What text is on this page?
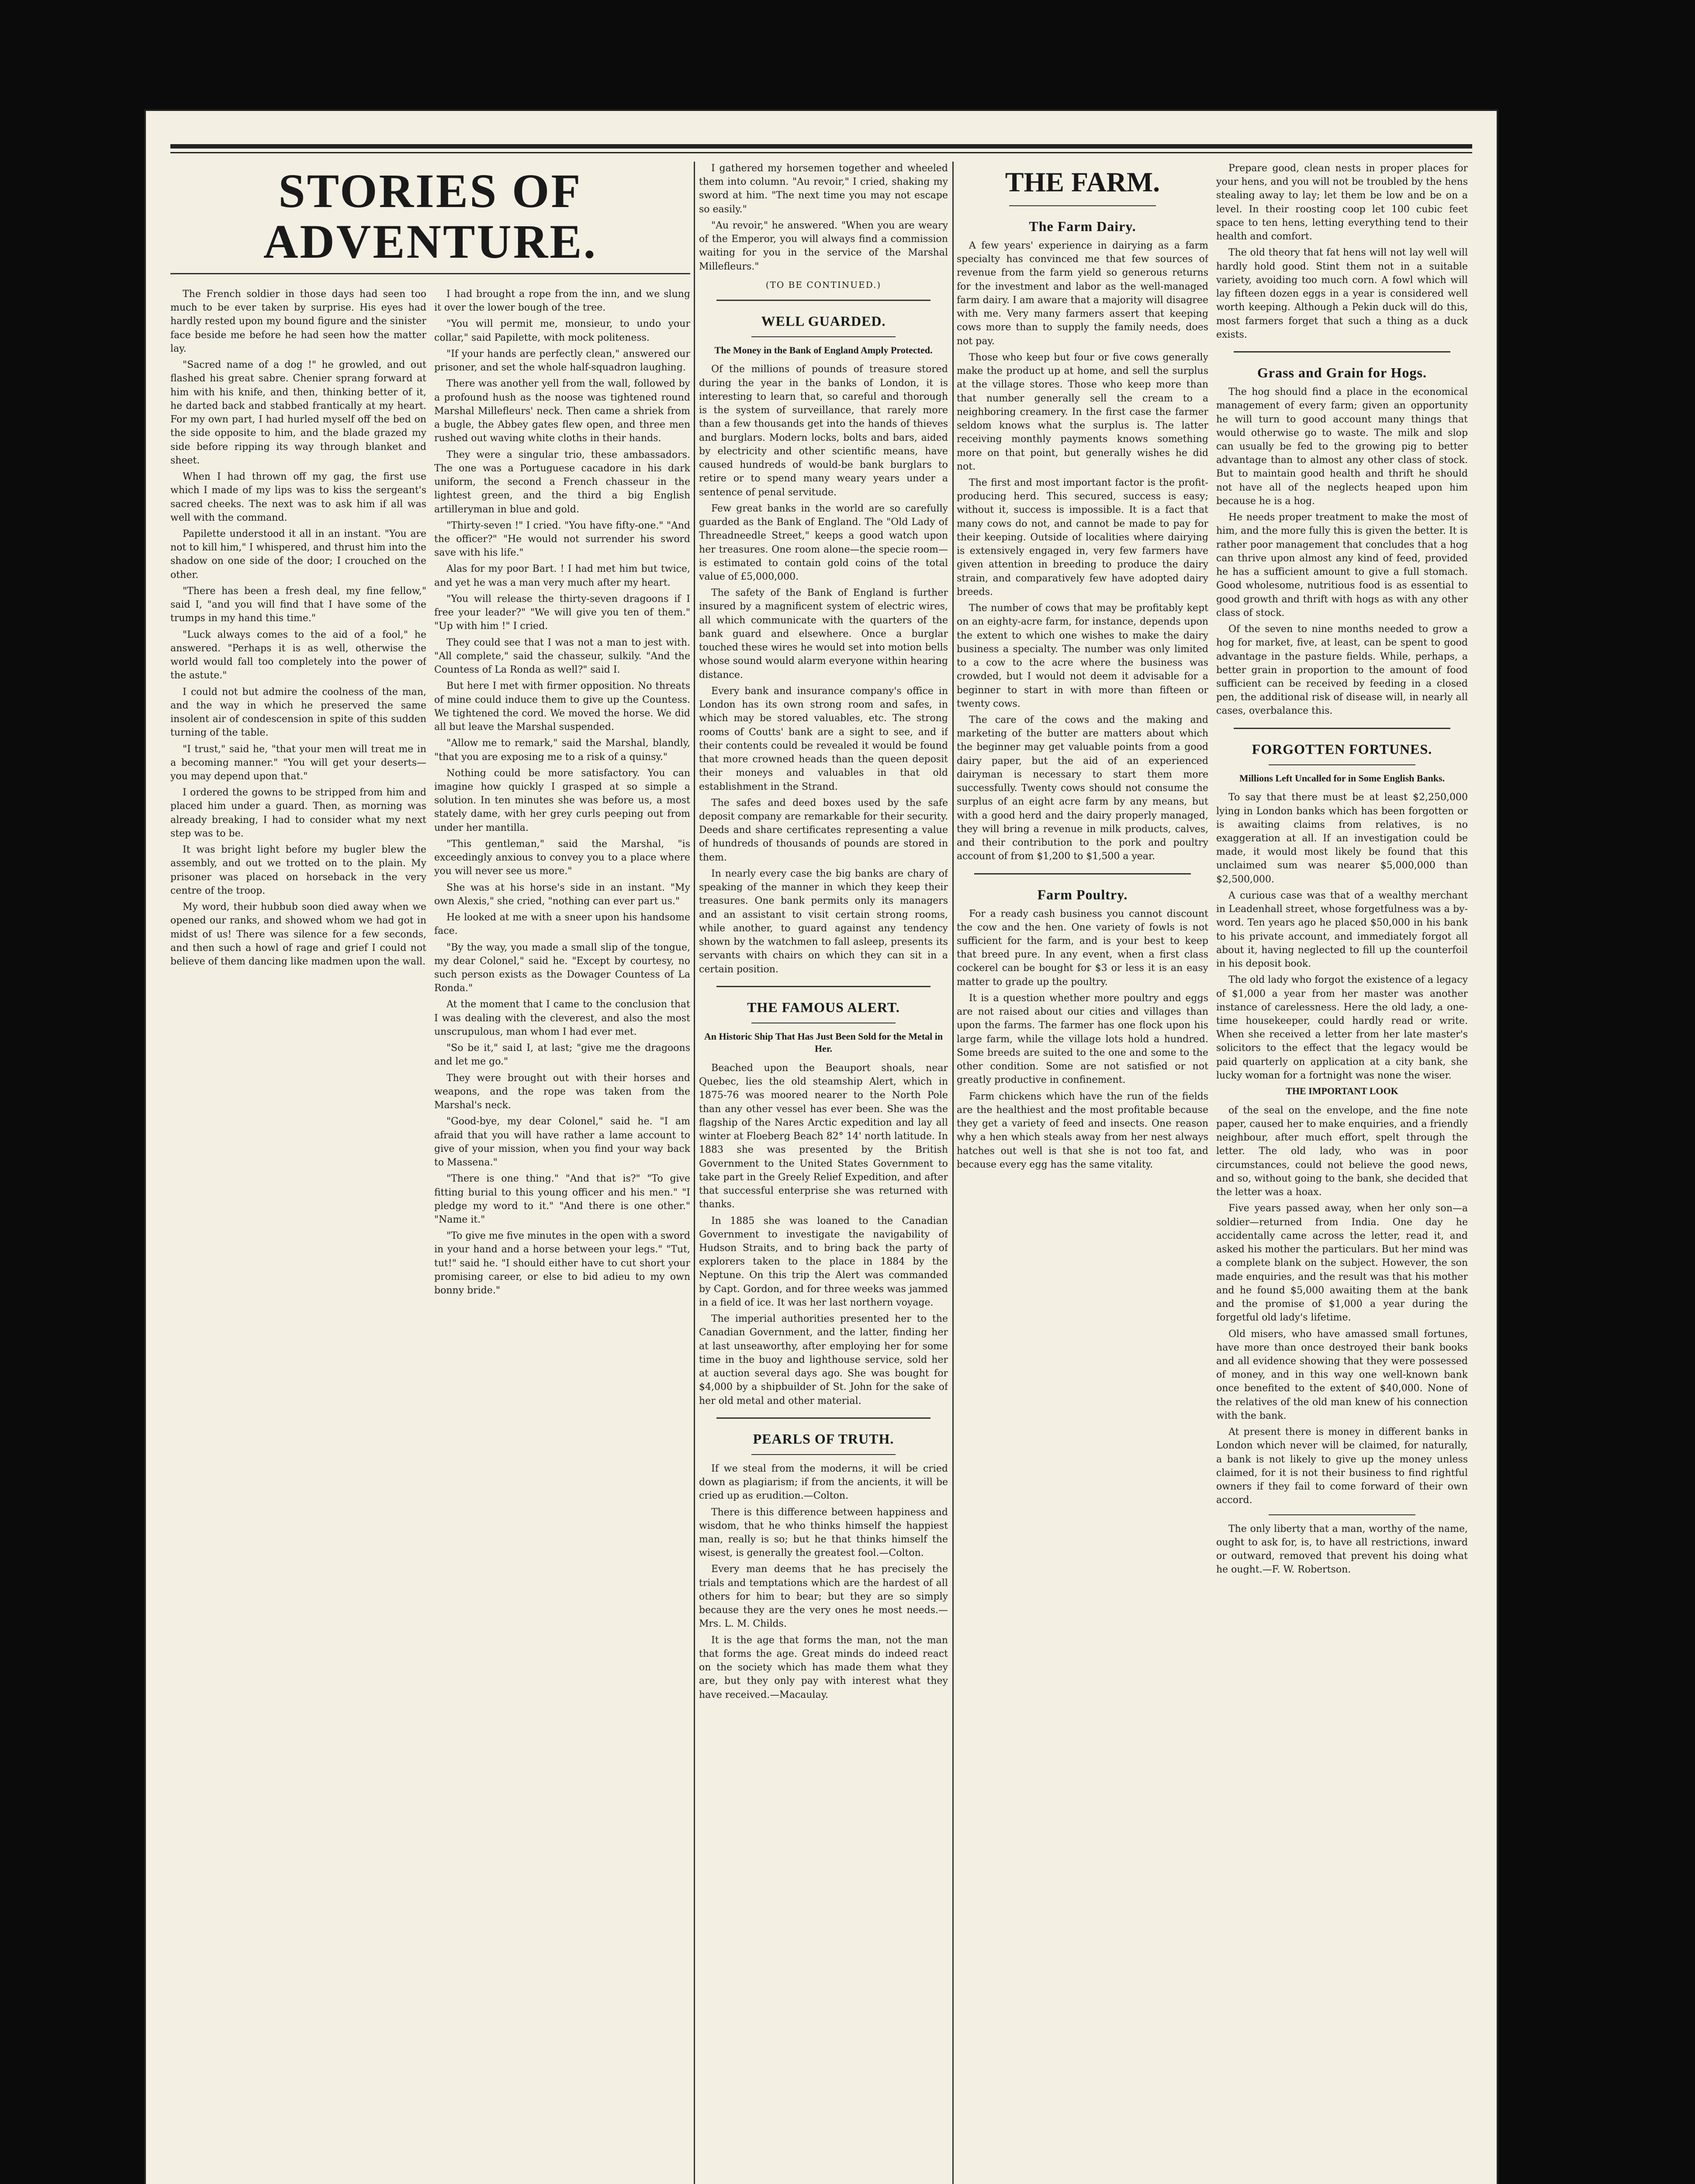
STORIES OF ADVENTURE.

The French soldier in those days had seen too much to be ever taken by surprise. His eyes had hardly rested upon my bound figure and the sinister face beside me before he had seen how the matter lay.

"Sacred name of a dog !" he growled, and out flashed his great sabre. Chenier sprang forward at him with his knife, and then, thinking better of it, he darted back and stabbed frantically at my heart. For my own part, I had hurled myself off the bed on the side opposite to him, and the blade grazed my side before ripping its way through blanket and sheet.

When I had thrown off my gag, the first use which I made of my lips was to kiss the sergeant's sacred cheeks. The next was to ask him if all was well with the command.

Papilette understood it all in an instant. "You are not to kill him," I whispered, and thrust him into the shadow on one side of the door; I crouched on the other.

"There has been a fresh deal, my fine fellow," said I, "and you will find that I have some of the trumps in my hand this time."

"Luck always comes to the aid of a fool," he answered. "Perhaps it is as well, otherwise the world would fall too completely into the power of the astute."

I could not but admire the coolness of the man, and the way in which he preserved the same insolent air of condescension in spite of this sudden turning of the table.

"I trust," said he, "that your men will treat me in a becoming manner." "You will get your deserts—you may depend upon that."

I ordered the gowns to be stripped from him and placed him under a guard. Then, as morning was already breaking, I had to consider what my next step was to be.

It was bright light before my bugler blew the assembly, and out we trotted on to the plain. My prisoner was placed on horseback in the very centre of the troop.

My word, their hubbub soon died away when we opened our ranks, and showed whom we had got in midst of us! There was silence for a few seconds, and then such a howl of rage and grief I could not believe of them dancing like madmen upon the wall.

I had brought a rope from the inn, and we slung it over the lower bough of the tree.

"You will permit me, monsieur, to undo your collar," said Papilette, with mock politeness.

"If your hands are perfectly clean," answered our prisoner, and set the whole half-squadron laughing.

There was another yell from the wall, followed by a profound hush as the noose was tightened round Marshal Millefleurs' neck. Then came a shriek from a bugle, the Abbey gates flew open, and three men rushed out waving white cloths in their hands.

They were a singular trio, these ambassadors. The one was a Portuguese cacadore in his dark uniform, the second a French chasseur in the lightest green, and the third a big English artilleryman in blue and gold.

"Thirty-seven !" I cried. "You have fifty-one." "And the officer?" "He would not surrender his sword save with his life."

Alas for my poor Bart. ! I had met him but twice, and yet he was a man very much after my heart.

"You will release the thirty-seven dragoons if I free your leader?" "We will give you ten of them." "Up with him !" I cried.

They could see that I was not a man to jest with. "All complete," said the chasseur, sulkily. "And the Countess of La Ronda as well?" said I.

But here I met with firmer opposition. No threats of mine could induce them to give up the Countess. We tightened the cord. We moved the horse. We did all but leave the Marshal suspended.

"Allow me to remark," said the Marshal, blandly, "that you are exposing me to a risk of a quinsy."

Nothing could be more satisfactory. You can imagine how quickly I grasped at so simple a solution. In ten minutes she was before us, a most stately dame, with her grey curls peeping out from under her mantilla.

"This gentleman," said the Marshal, "is exceedingly anxious to convey you to a place where you will never see us more."

She was at his horse's side in an instant. "My own Alexis," she cried, "nothing can ever part us."

He looked at me with a sneer upon his handsome face.

"By the way, you made a small slip of the tongue, my dear Colonel," said he. "Except by courtesy, no such person exists as the Dowager Countess of La Ronda."

At the moment that I came to the conclusion that I was dealing with the cleverest, and also the most unscrupulous, man whom I had ever met.

"So be it," said I, at last; "give me the dragoons and let me go."

They were brought out with their horses and weapons, and the rope was taken from the Marshal's neck.

"Good-bye, my dear Colonel," said he. "I am afraid that you will have rather a lame account to give of your mission, when you find your way back to Massena."

"There is one thing." "And that is?" "To give fitting burial to this young officer and his men." "I pledge my word to it." "And there is one other." "Name it."

"To give me five minutes in the open with a sword in your hand and a horse between your legs." "Tut, tut!" said he. "I should either have to cut short your promising career, or else to bid adieu to my own bonny bride."

I gathered my horsemen together and wheeled them into column. "Au revoir," I cried, shaking my sword at him. "The next time you may not escape so easily."

"Au revoir," he answered. "When you are weary of the Emperor, you will always find a commission waiting for you in the service of the Marshal Millefleurs."

(TO BE CONTINUED.)
WELL GUARDED.
The Money in the Bank of England Amply Protected.

Of the millions of pounds of treasure stored during the year in the banks of London, it is interesting to learn that, so careful and thorough is the system of surveillance, that rarely more than a few thousands get into the hands of thieves and burglars. Modern locks, bolts and bars, aided by electricity and other scientific means, have caused hundreds of would-be bank burglars to retire or to spend many weary years under a sentence of penal servitude.

Few great banks in the world are so carefully guarded as the Bank of England. The "Old Lady of Threadneedle Street," keeps a good watch upon her treasures. One room alone—the specie room—is estimated to contain gold coins of the total value of £5,000,000.

The safety of the Bank of England is further insured by a magnificent system of electric wires, all which communicate with the quarters of the bank guard and elsewhere. Once a burglar touched these wires he would set into motion bells whose sound would alarm everyone within hearing distance.

Every bank and insurance company's office in London has its own strong room and safes, in which may be stored valuables, etc. The strong rooms of Coutts' bank are a sight to see, and if their contents could be revealed it would be found that more crowned heads than the queen deposit their moneys and valuables in that old establishment in the Strand.

The safes and deed boxes used by the safe deposit company are remarkable for their security. Deeds and share certificates representing a value of hundreds of thousands of pounds are stored in them.

In nearly every case the big banks are chary of speaking of the manner in which they keep their treasures. One bank permits only its managers and an assistant to visit certain strong rooms, while another, to guard against any tendency shown by the watchmen to fall asleep, presents its servants with chairs on which they can sit in a certain position.

THE FAMOUS ALERT.
An Historic Ship That Has Just Been Sold for the Metal in Her.

Beached upon the Beauport shoals, near Quebec, lies the old steamship Alert, which in 1875-76 was moored nearer to the North Pole than any other vessel has ever been. She was the flagship of the Nares Arctic expedition and lay all winter at Floeberg Beach 82° 14' north latitude. In 1883 she was presented by the British Government to the United States Government to take part in the Greely Relief Expedition, and after that successful enterprise she was returned with thanks.

In 1885 she was loaned to the Canadian Government to investigate the navigability of Hudson Straits, and to bring back the party of explorers taken to the place in 1884 by the Neptune. On this trip the Alert was commanded by Capt. Gordon, and for three weeks was jammed in a field of ice. It was her last northern voyage.

The imperial authorities presented her to the Canadian Government, and the latter, finding her at last unseaworthy, after employing her for some time in the buoy and lighthouse service, sold her at auction several days ago. She was bought for $4,000 by a shipbuilder of St. John for the sake of her old metal and other material.

PEARLS OF TRUTH.

If we steal from the moderns, it will be cried down as plagiarism; if from the ancients, it will be cried up as erudition.—Colton.

There is this difference between happiness and wisdom, that he who thinks himself the happiest man, really is so; but he that thinks himself the wisest, is generally the greatest fool.—Colton.

Every man deems that he has precisely the trials and temptations which are the hardest of all others for him to bear; but they are so simply because they are the very ones he most needs.—Mrs. L. M. Childs.

It is the age that forms the man, not the man that forms the age. Great minds do indeed react on the society which has made them what they are, but they only pay with interest what they have received.—Macaulay.

THE FARM.
The Farm Dairy.

A few years' experience in dairying as a farm specialty has convinced me that few sources of revenue from the farm yield so generous returns for the investment and labor as the well-managed farm dairy. I am aware that a majority will disagree with me. Very many farmers assert that keeping cows more than to supply the family needs, does not pay.

Those who keep but four or five cows generally make the product up at home, and sell the surplus at the village stores. Those who keep more than that number generally sell the cream to a neighboring creamery. In the first case the farmer seldom knows what the surplus is. The latter receiving monthly payments knows something more on that point, but generally wishes he did not.

The first and most important factor is the profit-producing herd. This secured, success is easy; without it, success is impossible. It is a fact that many cows do not, and cannot be made to pay for their keeping. Outside of localities where dairying is extensively engaged in, very few farmers have given attention in breeding to produce the dairy strain, and comparatively few have adopted dairy breeds.

The number of cows that may be profitably kept on an eighty-acre farm, for instance, depends upon the extent to which one wishes to make the dairy business a specialty. The number was only limited to a cow to the acre where the business was crowded, but I would not deem it advisable for a beginner to start in with more than fifteen or twenty cows.

The care of the cows and the making and marketing of the butter are matters about which the beginner may get valuable points from a good dairy paper, but the aid of an experienced dairyman is necessary to start them more successfully. Twenty cows should not consume the surplus of an eight acre farm by any means, but with a good herd and the dairy properly managed, they will bring a revenue in milk products, calves, and their contribution to the pork and poultry account of from $1,200 to $1,500 a year.

Farm Poultry.

For a ready cash business you cannot discount the cow and the hen. One variety of fowls is not sufficient for the farm, and is your best to keep that breed pure. In any event, when a first class cockerel can be bought for $3 or less it is an easy matter to grade up the poultry.

It is a question whether more poultry and eggs are not raised about our cities and villages than upon the farms. The farmer has one flock upon his large farm, while the village lots hold a hundred. Some breeds are suited to the one and some to the other condition. Some are not satisfied or not greatly productive in confinement.

Farm chickens which have the run of the fields are the healthiest and the most profitable because they get a variety of feed and insects. One reason why a hen which steals away from her nest always hatches out well is that she is not too fat, and because every egg has the same vitality.

Prepare good, clean nests in proper places for your hens, and you will not be troubled by the hens stealing away to lay; let them be low and be on a level. In their roosting coop let 100 cubic feet space to ten hens, letting everything tend to their health and comfort.

The old theory that fat hens will not lay well will hardly hold good. Stint them not in a suitable variety, avoiding too much corn. A fowl which will lay fifteen dozen eggs in a year is considered well worth keeping. Although a Pekin duck will do this, most farmers forget that such a thing as a duck exists.

Grass and Grain for Hogs.

The hog should find a place in the economical management of every farm; given an opportunity he will turn to good account many things that would otherwise go to waste. The milk and slop can usually be fed to the growing pig to better advantage than to almost any other class of stock. But to maintain good health and thrift he should not have all of the neglects heaped upon him because he is a hog.

He needs proper treatment to make the most of him, and the more fully this is given the better. It is rather poor management that concludes that a hog can thrive upon almost any kind of feed, provided he has a sufficient amount to give a full stomach. Good wholesome, nutritious food is as essential to good growth and thrift with hogs as with any other class of stock.

Of the seven to nine months needed to grow a hog for market, five, at least, can be spent to good advantage in the pasture fields. While, perhaps, a better grain in proportion to the amount of food sufficient can be received by feeding in a closed pen, the additional risk of disease will, in nearly all cases, overbalance this.

FORGOTTEN FORTUNES.
Millions Left Uncalled for in Some English Banks.

To say that there must be at least $2,250,000 lying in London banks which has been forgotten or is awaiting claims from relatives, is no exaggeration at all. If an investigation could be made, it would most likely be found that this unclaimed sum was nearer $5,000,000 than $2,500,000.

A curious case was that of a wealthy merchant in Leadenhall street, whose forgetfulness was a by-word. Ten years ago he placed $50,000 in his bank to his private account, and immediately forgot all about it, having neglected to fill up the counterfoil in his deposit book.

The old lady who forgot the existence of a legacy of $1,000 a year from her master was another instance of carelessness. Here the old lady, a one-time housekeeper, could hardly read or write. When she received a letter from her late master's solicitors to the effect that the legacy would be paid quarterly on application at a city bank, she lucky woman for a fortnight was none the wiser.

THE IMPORTANT LOOK

of the seal on the envelope, and the fine note paper, caused her to make enquiries, and a friendly neighbour, after much effort, spelt through the letter. The old lady, who was in poor circumstances, could not believe the good news, and so, without going to the bank, she decided that the letter was a hoax.

Five years passed away, when her only son—a soldier—returned from India. One day he accidentally came across the letter, read it, and asked his mother the particulars. But her mind was a complete blank on the subject. However, the son made enquiries, and the result was that his mother and he found $5,000 awaiting them at the bank and the promise of $1,000 a year during the forgetful old lady's lifetime.

Old misers, who have amassed small fortunes, have more than once destroyed their bank books and all evidence showing that they were possessed of money, and in this way one well-known bank once benefited to the extent of $40,000. None of the relatives of the old man knew of his connection with the bank.

At present there is money in different banks in London which never will be claimed, for naturally, a bank is not likely to give up the money unless claimed, for it is not their business to find rightful owners if they fail to come forward of their own accord.

The only liberty that a man, worthy of the name, ought to ask for, is, to have all restrictions, inward or outward, removed that prevent his doing what he ought.—F. W. Robertson.
